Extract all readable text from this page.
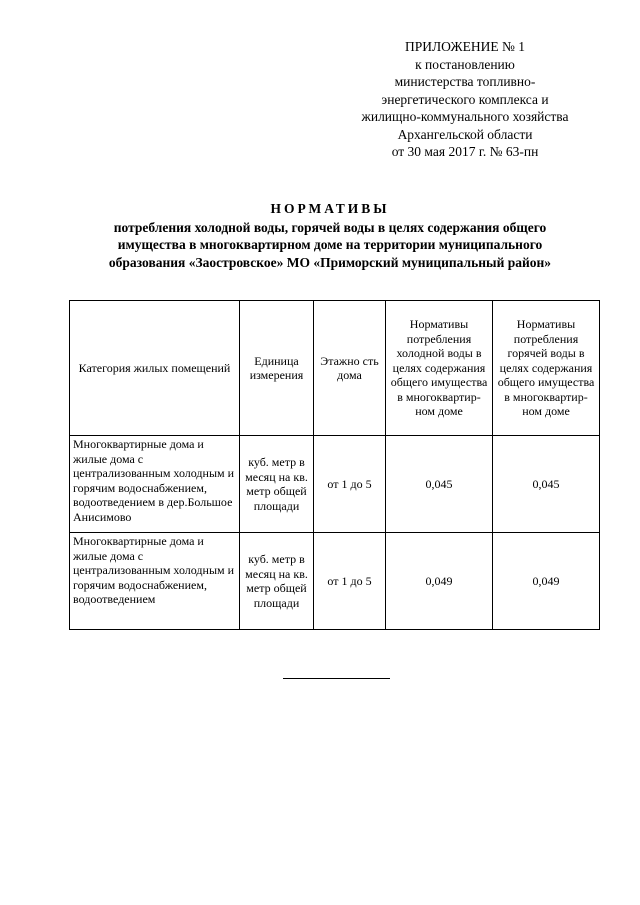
ПРИЛОЖЕНИЕ № 1
к постановлению
министерства топливно-
энергетического комплекса и
жилищно-коммунального хозяйства
Архангельской области
от 30 мая 2017 г. № 63-пн
НОРМАТИВЫ
потребления холодной воды, горячей воды в целях содержания общего
имущества в многоквартирном доме на территории муниципального
образования «Заостровское» МО «Приморский муниципальный район»
Категория жилых помещений	Единица измерения	Этажно сть дома	Нормативы потребления холодной воды в целях содержания общего имущества в многоквартир-ном доме	Нормативы потребления горячей воды в целях содержания общего имущества в многоквартир-ном доме
Многоквартирные дома и жилые дома с централизованным холодным и горячим водоснабжением, водоотведением в дер.Большое Анисимово	куб. метр в месяц на кв. метр общей площади	от 1 до 5	0,045	0,045
Многоквартирные дома и жилые дома с централизованным холодным и горячим водоснабжением, водоотведением	куб. метр в месяц на кв. метр общей площади	от 1 до 5	0,049	0,049
